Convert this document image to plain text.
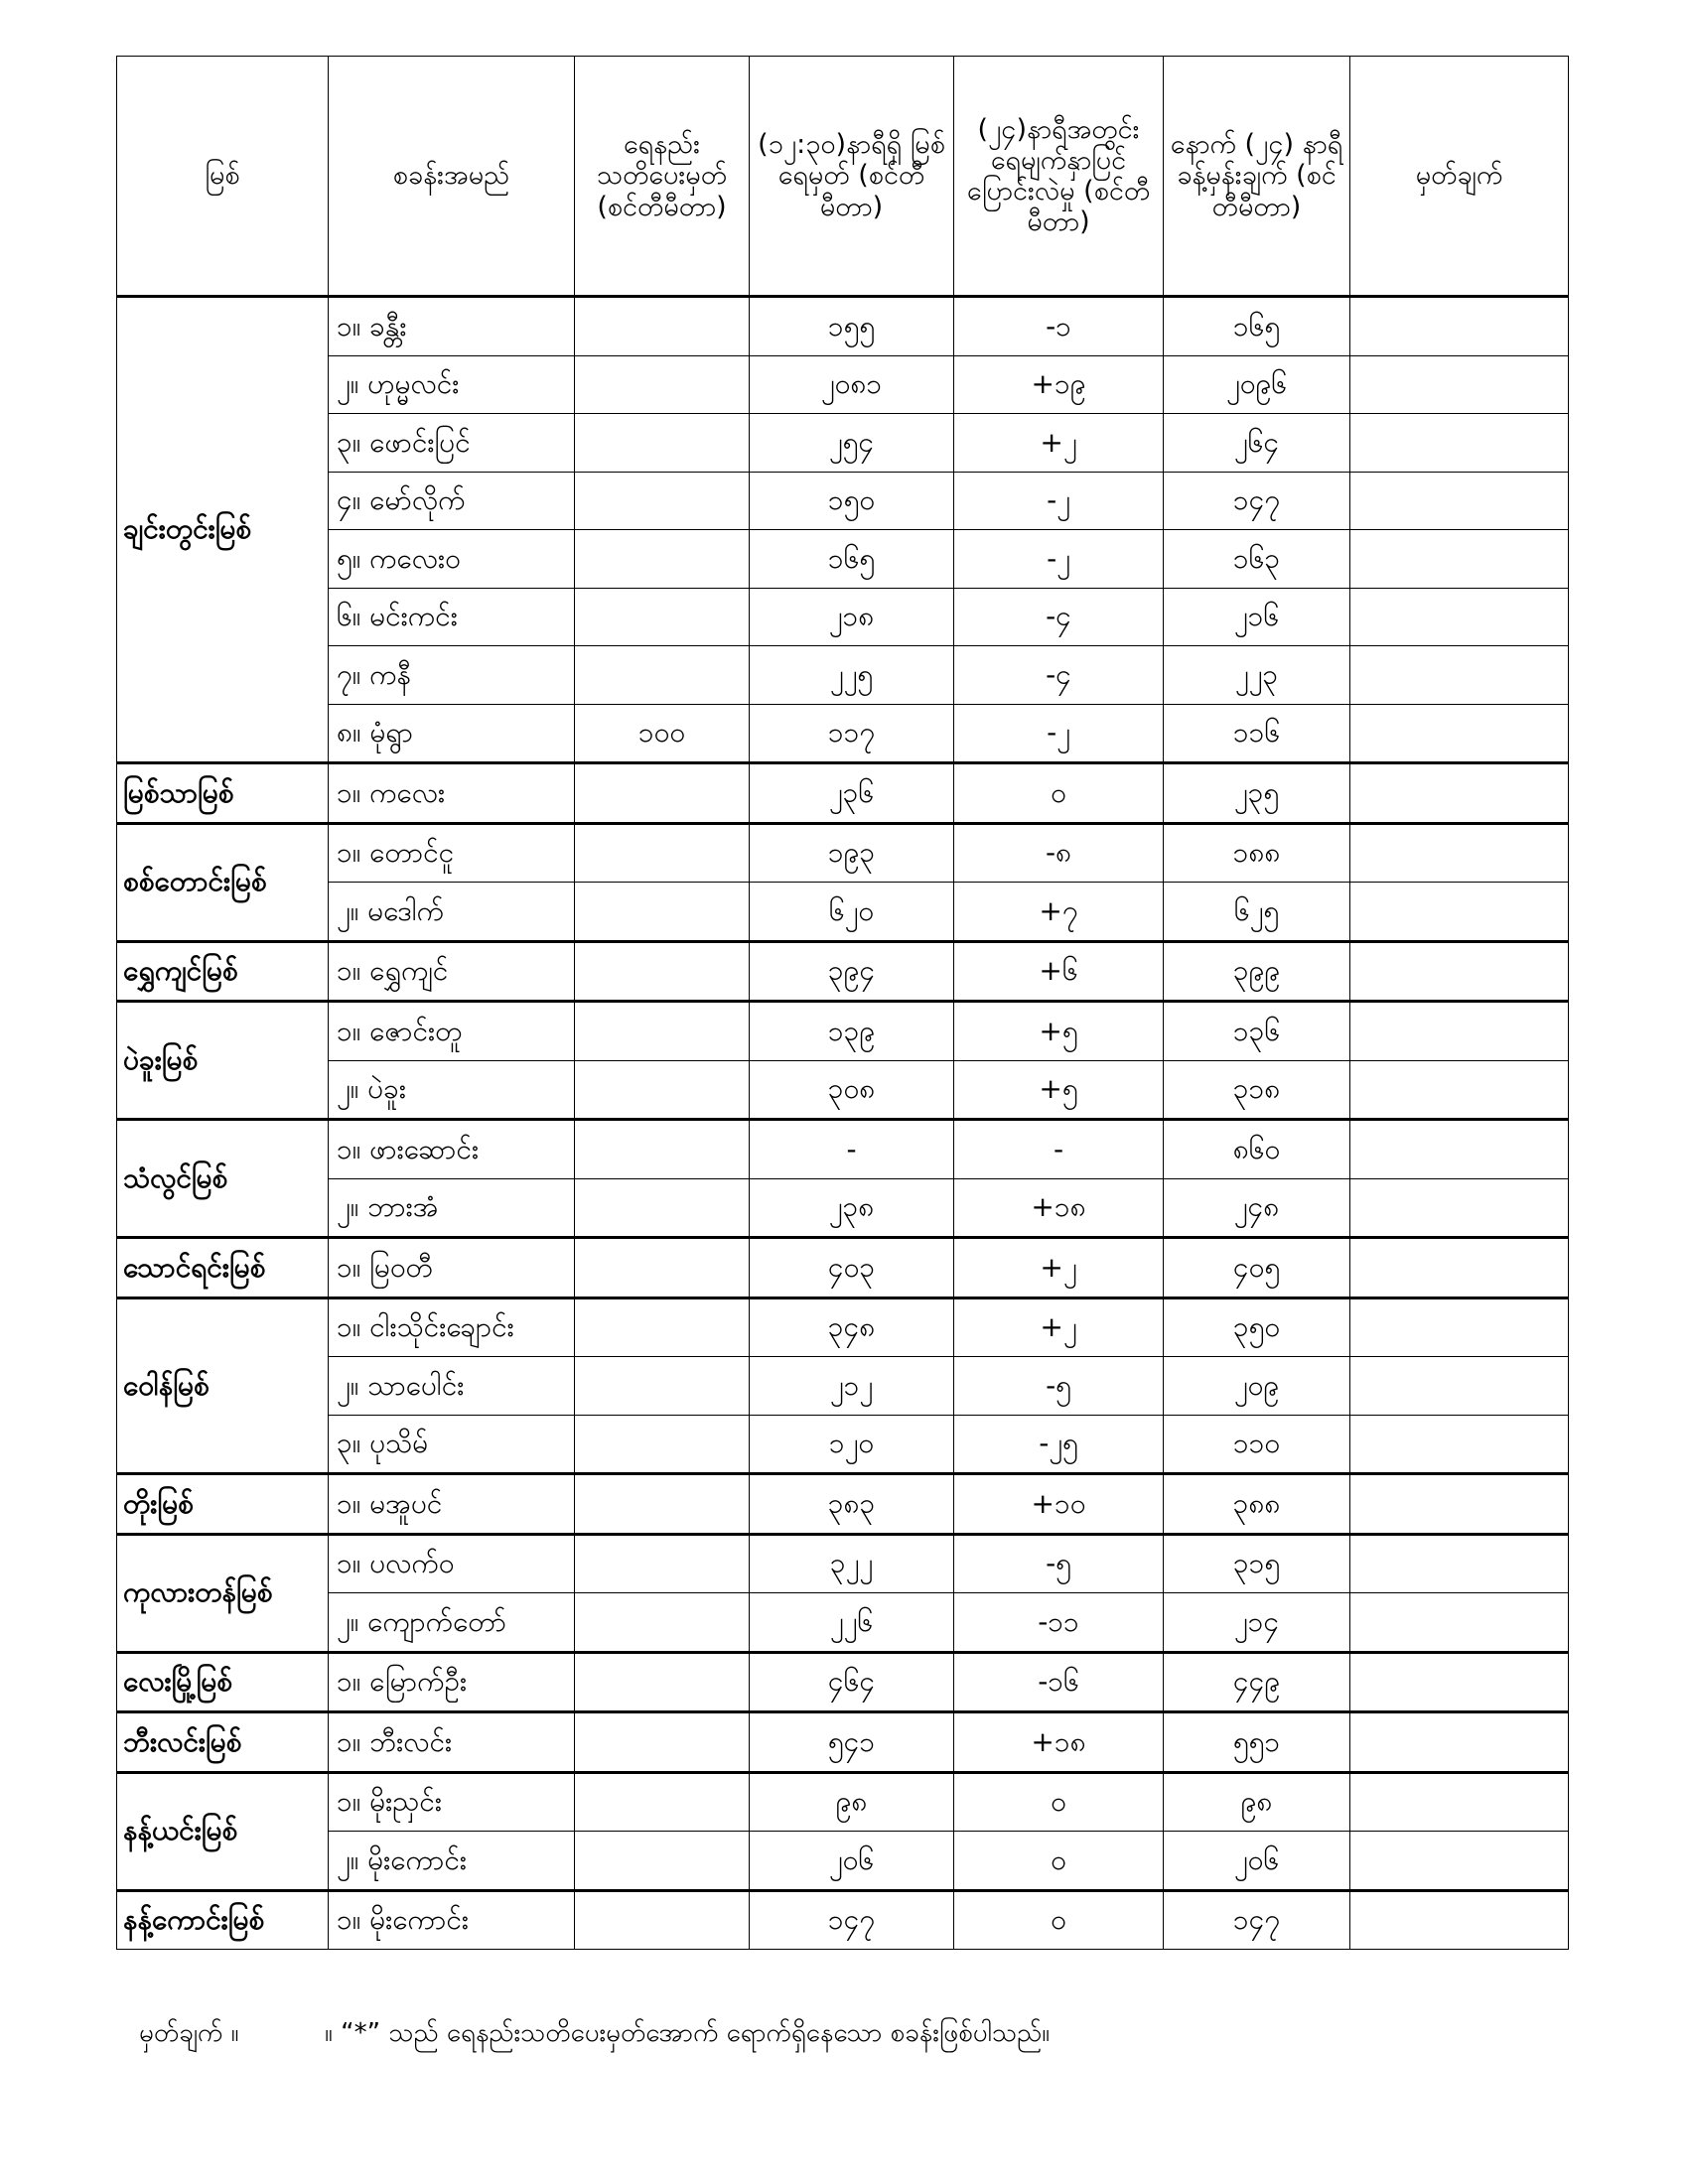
မြစ်	စခန်းအမည်	ရေနည်း သတိပေးမှတ် (စင်တီမီတာ)	(၁၂:၃၀)နာရီရှိ မြစ်ရေမှတ် (စင်တီမီတာ)	(၂၄)နာရီအတွင်း ရေမျက်နှာပြင် ပြောင်းလဲမှု (စင်တီမီတာ)	နောက် (၂၄) နာရီ ခန့်မှန်းချက် (စင်တီမီတာ)	မှတ်ချက်
ချင်းတွင်းမြစ်	၁။ ခန္တီး		၁၅၅	-၁	၁၆၅	
	၂။ ဟုမ္မလင်း		၂၀၈၁	+၁၉	၂၀၉၆	
	၃။ ဖောင်းပြင်		၂၅၄	+၂	၂၆၄	
	၄။ မော်လိုက်		၁၅၀	-၂	၁၄၇	
	၅။ ကလေးဝ		၁၆၅	-၂	၁၆၃	
	၆။ မင်းကင်း		၂၁၈	-၄	၂၁၆	
	၇။ ကနီ		၂၂၅	-၄	၂၂၃	
	၈။ မုံရွာ	၁၀၀	၁၁၇	-၂	၁၁၆	
မြစ်သာမြစ်	၁။ ကလေး		၂၃၆	၀	၂၃၅	
စစ်တောင်းမြစ်	၁။ တောင်ငူ		၁၉၃	-၈	၁၈၈	
	၂။ မဒေါက်		၆၂၀	+၇	၆၂၅	
ရွှေကျင်မြစ်	၁။ ရွှေကျင်		၃၉၄	+၆	၃၉၉	
ပဲခူးမြစ်	၁။ ဇောင်းတူ		၁၃၉	+၅	၁၃၆	
	၂။ ပဲခူး		၃၀၈	+၅	၃၁၈	
သံလွင်မြစ်	၁။ ဖားဆောင်း		-	-	၈၆၀	
	၂။ ဘားအံ		၂၃၈	+၁၈	၂၄၈	
သောင်ရင်းမြစ်	၁။ မြဝတီ		၄၀၃	+၂	၄၀၅	
ဝေါန်မြစ်	၁။ ငါးသိုင်းချောင်း		၃၄၈	+၂	၃၅၀	
	၂။ သာပေါင်း		၂၁၂	-၅	၂၀၉	
	၃။ ပုသိမ်		၁၂၀	-၂၅	၁၁၀	
တိုးမြစ်	၁။ မအူပင်		၃၈၃	+၁၀	၃၈၈	
ကုလားတန်မြစ်	၁။ ပလက်ဝ		၃၂၂	-၅	၃၁၅	
	၂။ ကျောက်တော်		၂၂၆	-၁၁	၂၁၄	
လေးမြို့မြစ်	၁။ မြောက်ဦး		၄၆၄	-၁၆	၄၄၉	
ဘီးလင်းမြစ်	၁။ ဘီးလင်း		၅၄၁	+၁၈	၅၅၁	
နန့်ယင်းမြစ်	၁။ မိုးညှင်း		၉၈	၀	၉၈	
	၂။ မိုးကောင်း		၂၀၆	၀	၂၀၆	
နန့်ကောင်းမြစ်	၁။ မိုးကောင်း		၁၄၇	၀	၁၄၇	
မှတ်ချက် ။	။ “*” သည် ရေနည်းသတိပေးမှတ်အောက် ရောက်ရှိနေသော စခန်းဖြစ်ပါသည်။
